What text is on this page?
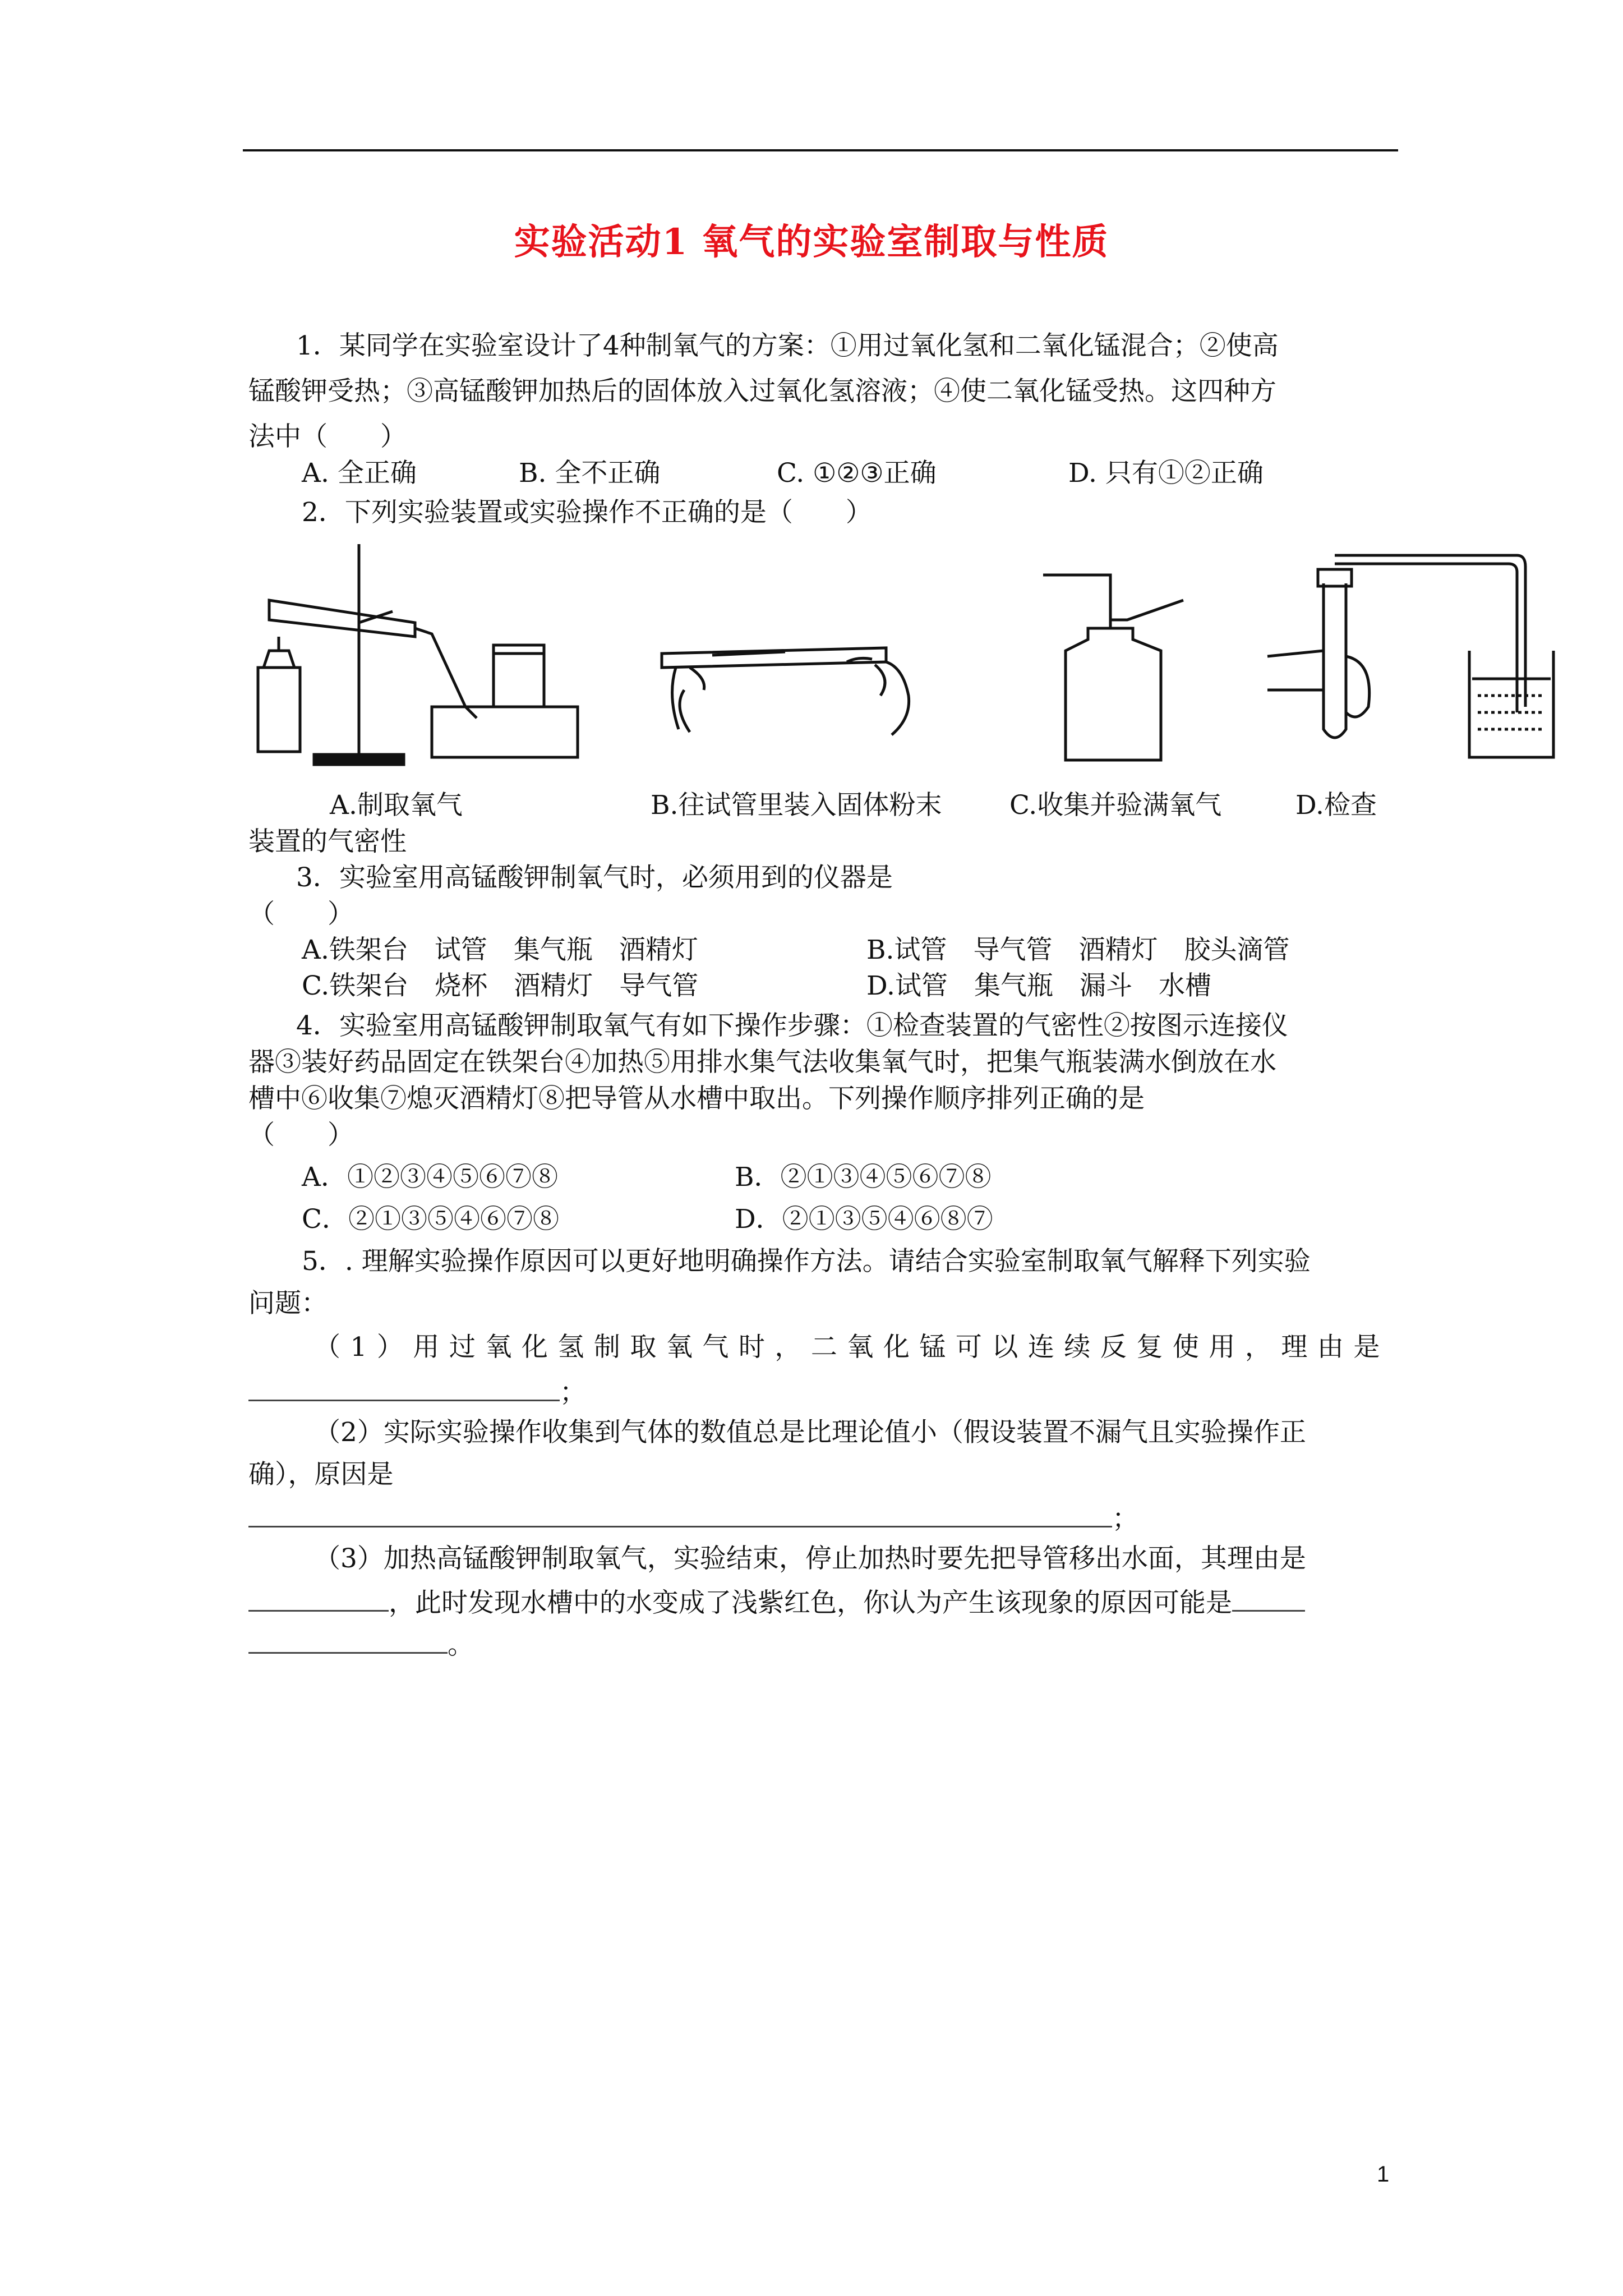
实验活动1 氧气的实验室制取与性质
1．某同学在实验室设计了4种制氧气的方案：①用过氧化氢和二氧化锰混合；②使高
锰酸钾受热；③高锰酸钾加热后的固体放入过氧化氢溶液；④使二氧化锰受热。这四种方
法中（　　）
A. 全正确	B. 全不正确	C. ①②③正确	D. 只有①②正确
2．下列实验装置或实验操作不正确的是（　　）
A.制取氧气	B.往试管里装入固体粉末	C.收集并验满氧气	D.检查
装置的气密性
3．实验室用高锰酸钾制氧气时，必须用到的仪器是
（　　）
A.铁架台　试管　集气瓶　酒精灯	B.试管　导气管　酒精灯　胶头滴管
C.铁架台　烧杯　酒精灯　导气管	D.试管　集气瓶　漏斗　水槽
4．实验室用高锰酸钾制取氧气有如下操作步骤：①检查装置的气密性②按图示连接仪
器③装好药品固定在铁架台④加热⑤用排水集气法收集氧气时，把集气瓶装满水倒放在水
槽中⑥收集⑦熄灭酒精灯⑧把导管从水槽中取出。下列操作顺序排列正确的是
（　　）
A．①②③④⑤⑥⑦⑧	B．②①③④⑤⑥⑦⑧
C．②①③⑤④⑥⑦⑧	D．②①③⑤④⑥⑧⑦
5．. 理解实验操作原因可以更好地明确操作方法。请结合实验室制取氧气解释下列实验
问题：
（1）用过氧化氢制取氧气时，二氧化锰可以连续反复使用，理由是
；
（2）实际实验操作收集到气体的数值总是比理论值小（假设装置不漏气且实验操作正
确），原因是
；
（3）加热高锰酸钾制取氧气，实验结束，停止加热时要先把导管移出水面，其理由是
，此时发现水槽中的水变成了浅紫红色，你认为产生该现象的原因可能是
。
1
